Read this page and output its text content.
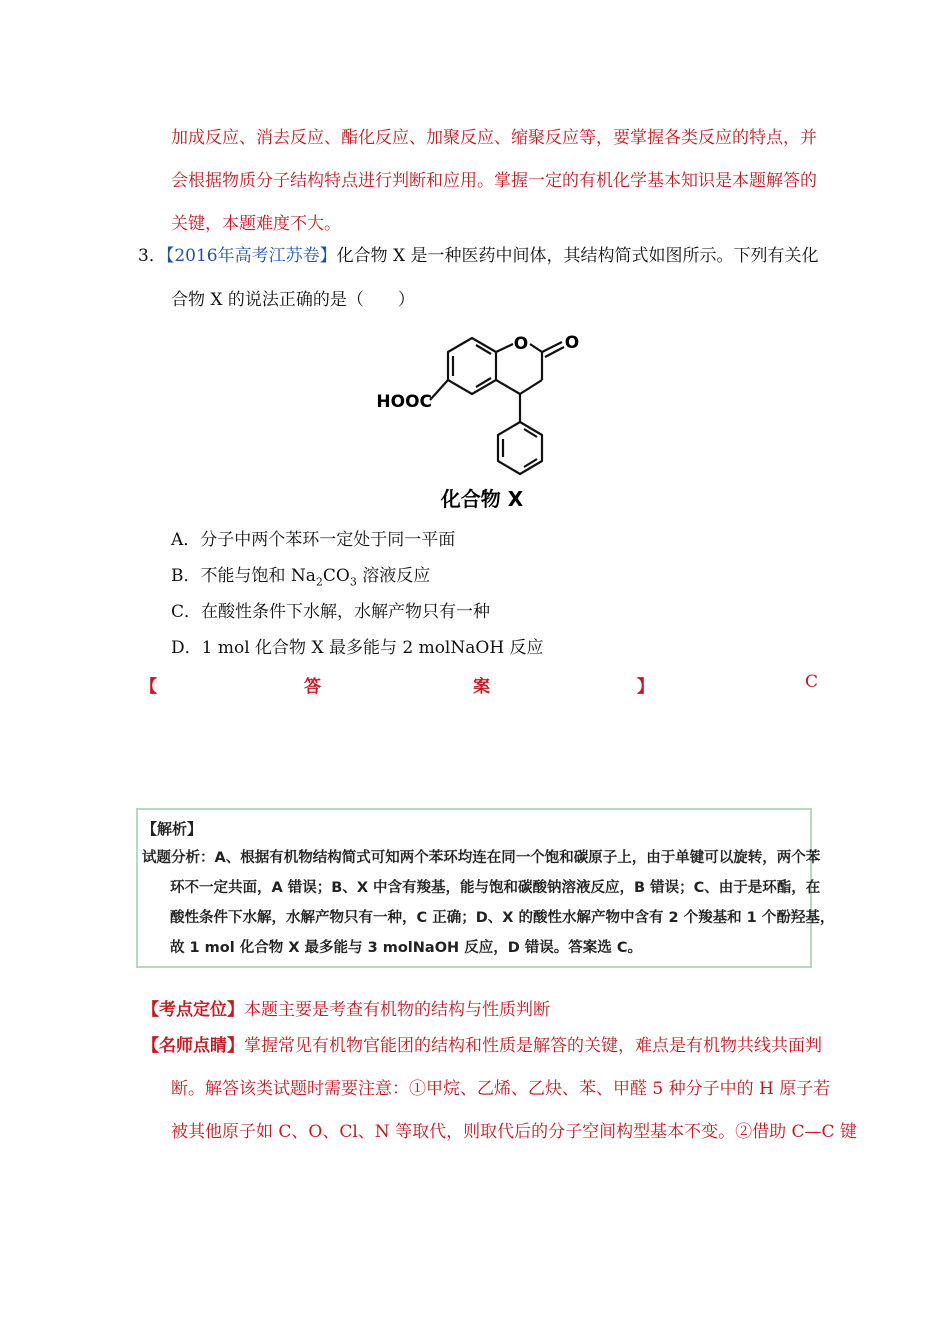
加成反应、消去反应、酯化反应、加聚反应、缩聚反应等，要掌握各类反应的特点，并
会根据物质分子结构特点进行判断和应用。掌握一定的有机化学基本知识是本题解答的
关键，本题难度不大。
3．【2016年高考江苏卷】化合物 X 是一种医药中间体，其结构简式如图所示。下列有关化
合物 X 的说法正确的是（　　）
O O
HOOC
化合物 X
A．分子中两个苯环一定处于同一平面
B．不能与饱和 $Na_2CO_3$ 溶液反应
C．在酸性条件下水解，水解产物只有一种
D．1 mol 化合物 X 最多能与 2 molNaOH 反应
【	答	案	】	C
【解析】
试题分析：A、根据有机物结构简式可知两个苯环均连在同一个饱和碳原子上，由于单键可以旋转，两个苯
环不一定共面，A 错误；B、X 中含有羧基，能与饱和碳酸钠溶液反应，B 错误；C、由于是环酯，在
酸性条件下水解，水解产物只有一种，C 正确；D、X 的酸性水解产物中含有 2 个羧基和 1 个酚羟基，
故 1 mol 化合物 X 最多能与 3 molNaOH 反应，D 错误。答案选 C。
【考点定位】本题主要是考查有机物的结构与性质判断
【名师点睛】掌握常见有机物官能团的结构和性质是解答的关键，难点是有机物共线共面判
断。解答该类试题时需要注意：①甲烷、乙烯、乙炔、苯、甲醛 5 种分子中的 H 原子若
被其他原子如 C、O、Cl、N 等取代，则取代后的分子空间构型基本不变。②借助 C—C 键
